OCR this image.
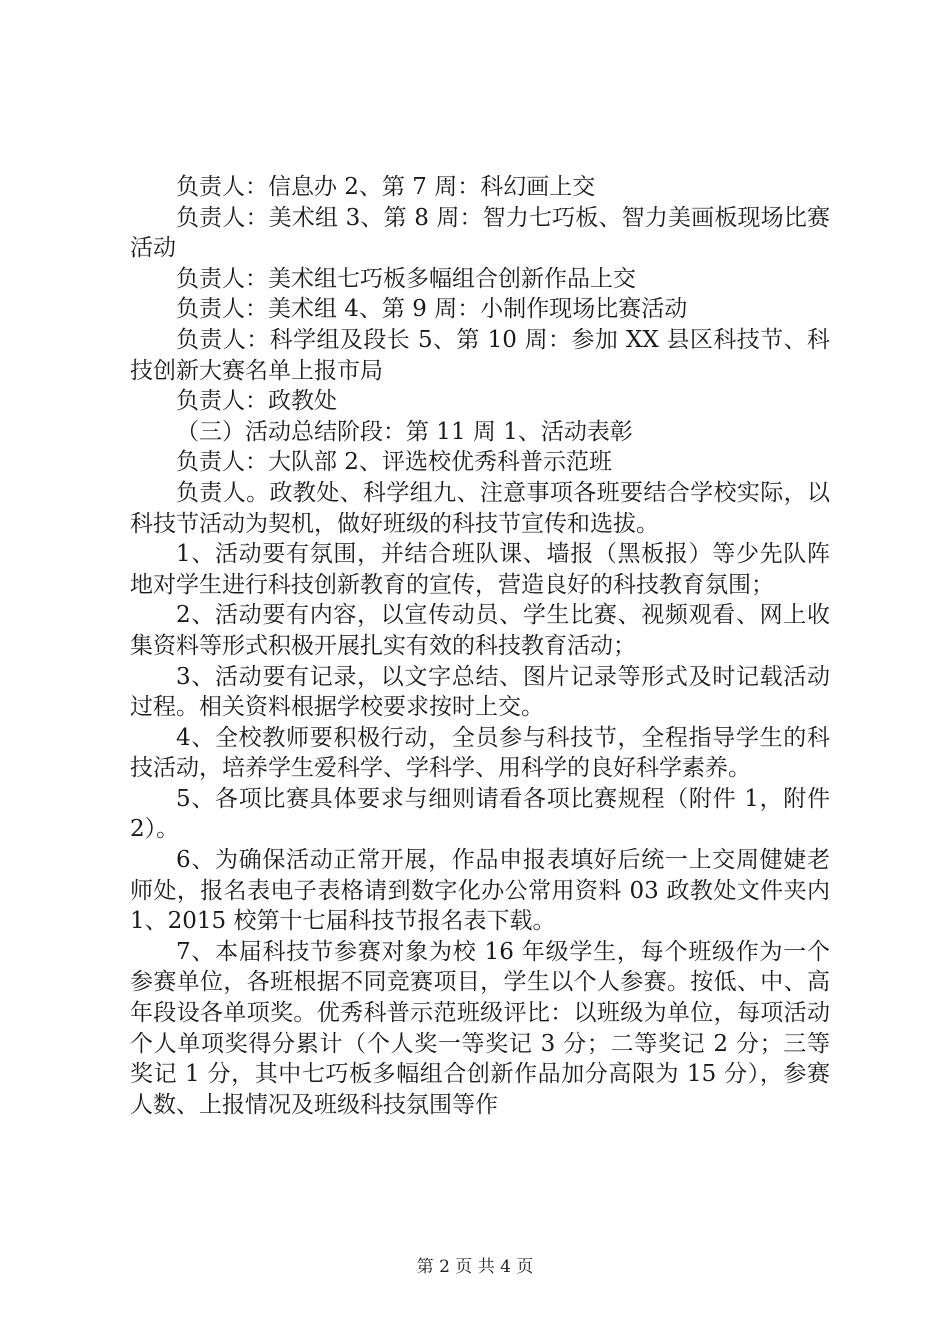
负责人：信息办 2、第 7 周：科幻画上交

负责人：美术组 3、第 8 周：智力七巧板、智力美画板现场比赛活动

负责人：美术组七巧板多幅组合创新作品上交

负责人：美术组 4、第 9 周：小制作现场比赛活动

负责人：科学组及段长 5、第 10 周：参加 XX 县区科技节、科技创新大赛名单上报市局

负责人：政教处

（三）活动总结阶段：第 11 周 1、活动表彰

负责人：大队部 2、评选校优秀科普示范班

负责人。政教处、科学组九、注意事项各班要结合学校实际，以科技节活动为契机，做好班级的科技节宣传和选拔。

1、活动要有氛围，并结合班队课、墙报（黑板报）等少先队阵地对学生进行科技创新教育的宣传，营造良好的科技教育氛围；

2、活动要有内容，以宣传动员、学生比赛、视频观看、网上收集资料等形式积极开展扎实有效的科技教育活动；

3、活动要有记录，以文字总结、图片记录等形式及时记载活动过程。相关资料根据学校要求按时上交。

4、全校教师要积极行动，全员参与科技节，全程指导学生的科技活动，培养学生爱科学、学科学、用科学的良好科学素养。

5、各项比赛具体要求与细则请看各项比赛规程（附件 1，附件 2）。

6、为确保活动正常开展，作品申报表填好后统一上交周健婕老师处，报名表电子表格请到数字化办公常用资料 03 政教处文件夹内 1、2015 校第十七届科技节报名表下载。

7、本届科技节参赛对象为校 16 年级学生，每个班级作为一个参赛单位，各班根据不同竞赛项目，学生以个人参赛。按低、中、高年段设各单项奖。优秀科普示范班级评比：以班级为单位，每项活动个人单项奖得分累计（个人奖一等奖记 3 分；二等奖记 2 分；三等奖记 1 分，其中七巧板多幅组合创新作品加分高限为 15 分），参赛人数、上报情况及班级科技氛围等作

第 2 页 共 4 页
